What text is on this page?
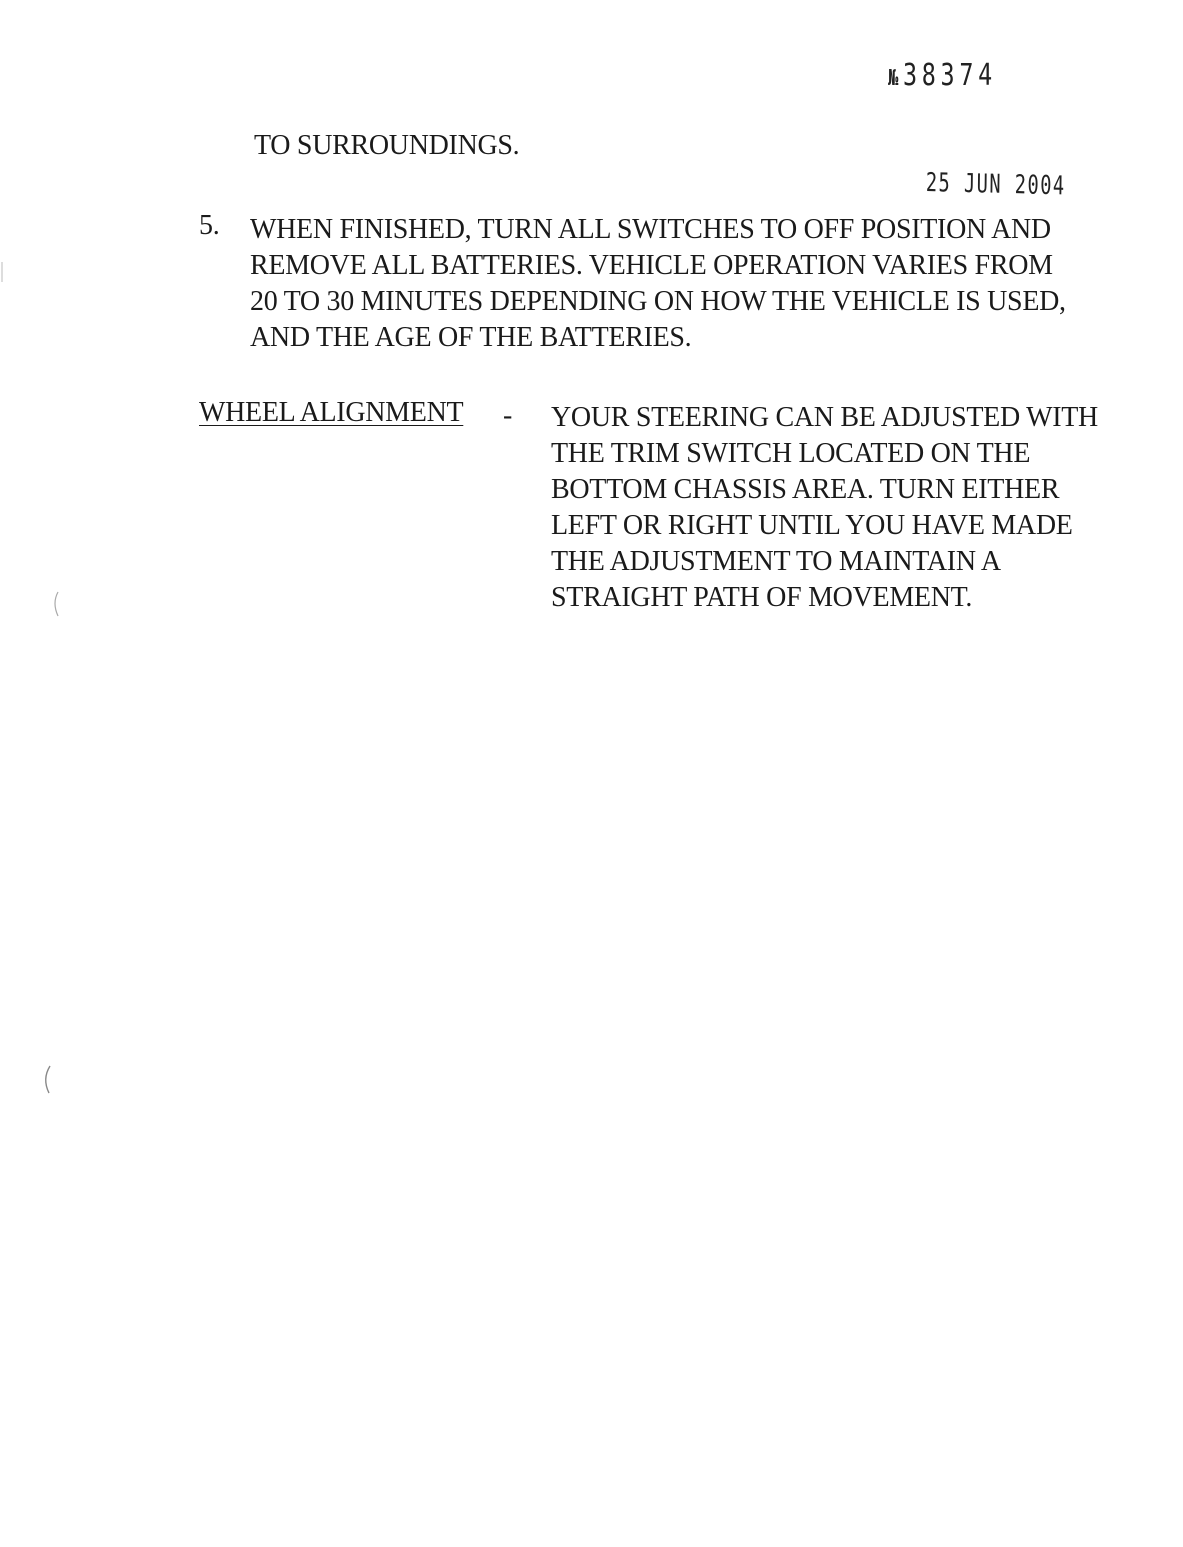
№ 38374
TO SURROUNDINGS.
25 JUN 2004
5. WHEN FINISHED, TURN ALL SWITCHES TO OFF POSITION AND
REMOVE ALL BATTERIES. VEHICLE OPERATION VARIES FROM
20 TO 30 MINUTES DEPENDING ON HOW THE VEHICLE IS USED,
AND THE AGE OF THE BATTERIES.
WHEEL ALIGNMENT - YOUR STEERING CAN BE ADJUSTED WITH
THE TRIM SWITCH LOCATED ON THE
BOTTOM CHASSIS AREA. TURN EITHER
LEFT OR RIGHT UNTIL YOU HAVE MADE
THE ADJUSTMENT TO MAINTAIN A
STRAIGHT PATH OF MOVEMENT.
